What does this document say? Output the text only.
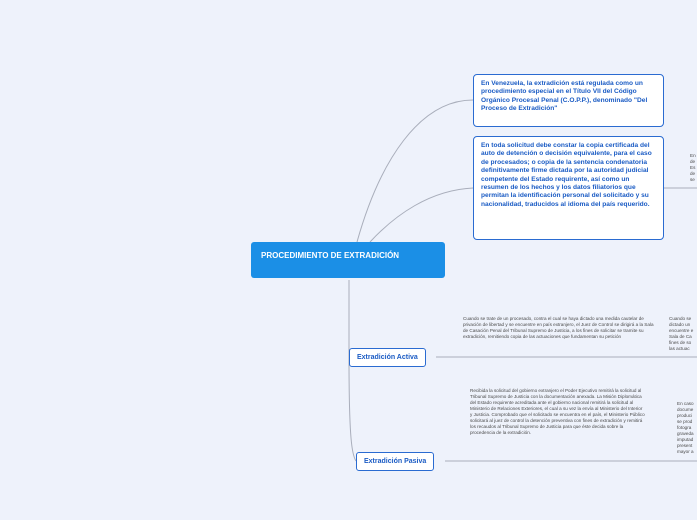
PROCEDIMIENTO DE EXTRADICIÓN
En Venezuela, la extradición está regulada como un procedimiento especial en el Título VII del Código Orgánico Procesal Penal (C.O.P.P.), denominado "Del Proceso de Extradición"
En toda solicitud debe constar la copia certificada del auto de detención o decisión equivalente, para el caso de procesados; o copia de la sentencia condenatoria definitivamente firme dictada por la autoridad judicial competente del Estado requirente, así como un resumen de los hechos y los datos filiatorios que permitan la identificación personal del solicitado y su nacionalidad, traducidos al idioma del país requerido.
Extradición Activa
Extradición Pasiva
Cuando se trate de un procesado, contra el cual se haya dictado una medida cautelar de privación de libertad y se encuentre en país extranjero, el Juez de Control se dirigirá a la Sala de Casación Penal del Tribunal Supremo de Justicia, a los fines de solicitar se tramite su extradición, remitiendo copia de las actuaciones que fundamentan su petición
Recibida la solicitud del gobierno extranjero el Poder Ejecutivo remitirá la solicitud al Tribunal Supremo de Justicia con la documentación anexada. La Misión Diplomática del Estado requirente acreditada ante el gobierno nacional remitirá la solicitud al Ministerio de Relaciones Exteriores, el cual a su vez la envía al Ministerio del Interior y Justicia. Comprobado que el solicitado se encuentra en el país, el Ministerio Público solicitará al juez de control la detención preventiva con fines de extradición y remitirá los recaudos al Tribunal Supremo de Justicia para que éste decida sobre la procedencia de la extradición.
En
de
Es
de
se
Cuando se
dictado un
encuentre e
Sala de Ca
fines de so
las actuac
En caso
docume
produci
se prod
fotogra
graveda
imputad
present
mayor a
